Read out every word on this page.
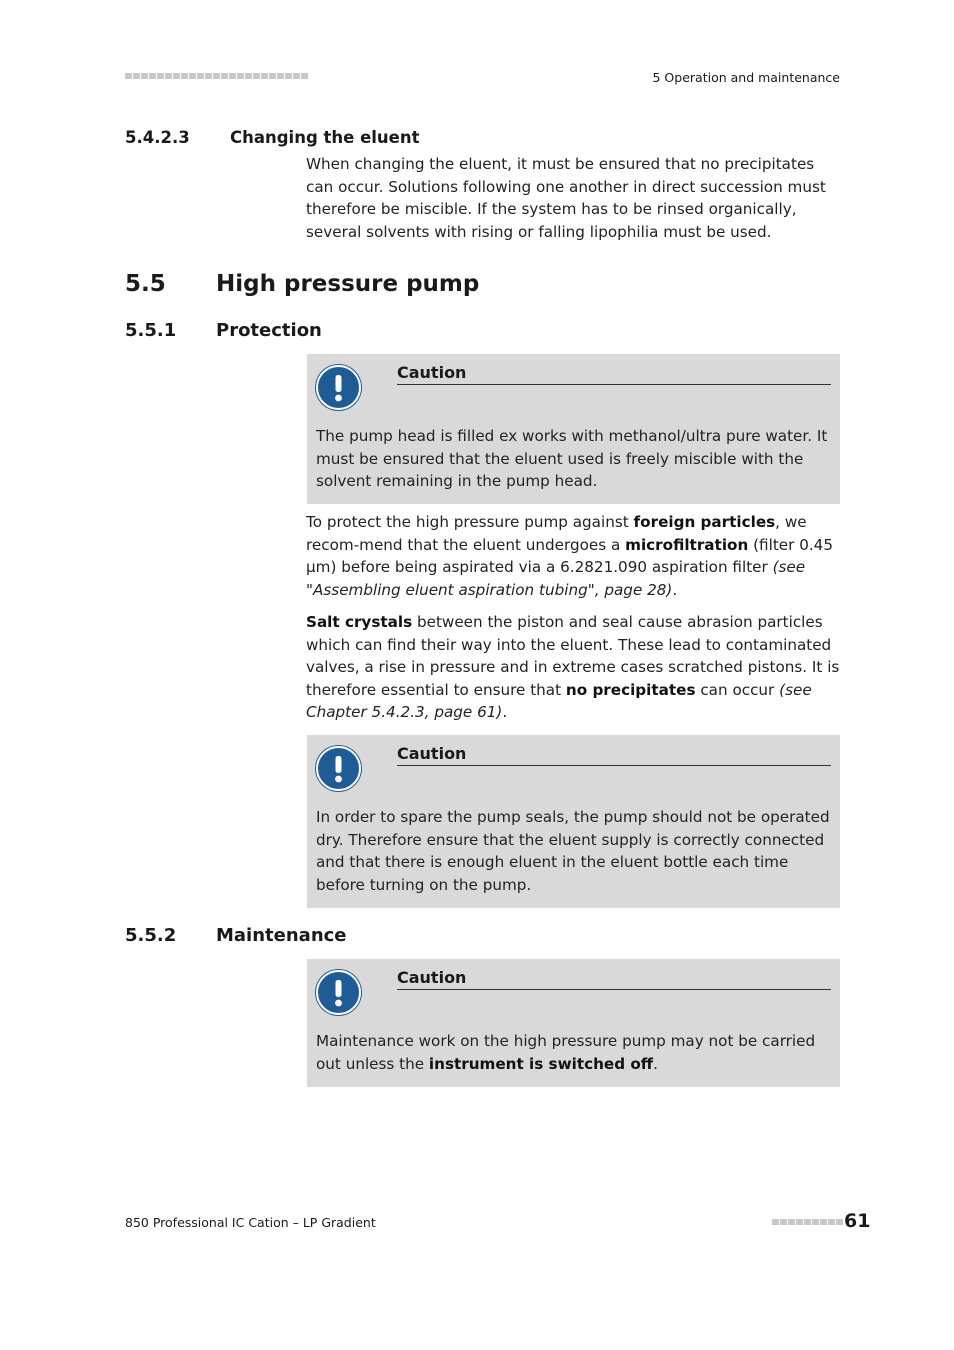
5 Operation and maintenance
5.4.2.3 Changing the eluent
When changing the eluent, it must be ensured that no precipitates can occur. Solutions following one another in direct succession must therefore be miscible. If the system has to be rinsed organically, several solvents with rising or falling lipophilia must be used.
5.5 High pressure pump
5.5.1 Protection
Caution
The pump head is filled ex works with methanol/ultra pure water. It must be ensured that the eluent used is freely miscible with the solvent remaining in the pump head.
To protect the high pressure pump against foreign particles, we recom-mend that the eluent undergoes a microfiltration (filter 0.45 µm) before being aspirated via a 6.2821.090 aspiration filter (see "Assembling eluent aspiration tubing", page 28).
Salt crystals between the piston and seal cause abrasion particles which can find their way into the eluent. These lead to contaminated valves, a rise in pressure and in extreme cases scratched pistons. It is therefore essential to ensure that no precipitates can occur (see Chapter 5.4.2.3, page 61).
Caution
In order to spare the pump seals, the pump should not be operated dry. Therefore ensure that the eluent supply is correctly connected and that there is enough eluent in the eluent bottle each time before turning on the pump.
5.5.2 Maintenance
Caution
Maintenance work on the high pressure pump may not be carried out unless the instrument is switched off.
850 Professional IC Cation – LP Gradient	61
